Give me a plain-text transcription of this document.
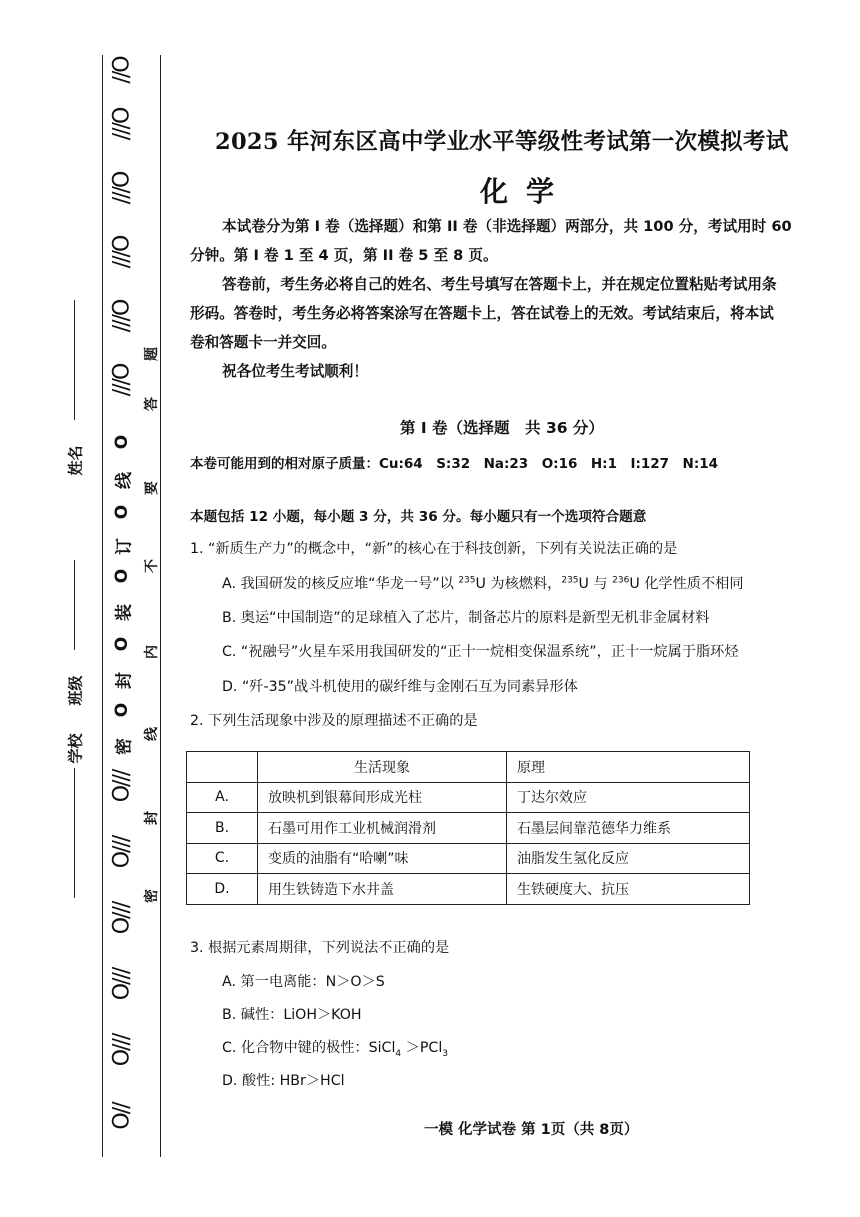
姓名
班级
学校
//O
///O
///O
///O
///O
///O
O
线
O
订
O
装
O
封
O
密
O///
O///
O///
O///
O///
O//
题
答
要
不
内
线
封
密
2025 年河东区高中学业水平等级性考试第一次模拟考试
化学

本试卷分为第 I 卷（选择题）和第 II 卷（非选择题）两部分，共 100 分，考试用时 60

分钟。第 I 卷 1 至 4 页，第 II 卷 5 至 8 页。

答卷前，考生务必将自己的姓名、考生号填写在答题卡上，并在规定位置粘贴考试用条

形码。答卷时，考生务必将答案涂写在答题卡上，答在试卷上的无效。考试结束后，将本试

卷和答题卡一并交回。

祝各位考生考试顺利！

第 I 卷（选择题　共 36 分）
本卷可能用到的相对原子质量：Cu:64　S:32　Na:23　O:16　H:1　I:127　N:14
本题包括 12 小题，每小题 3 分，共 36 分。每小题只有一个选项符合题意
1. “新质生产力”的概念中，“新”的核心在于科技创新，下列有关说法正确的是
A. 我国研发的核反应堆“华龙一号”以 $^{235}$U 为核燃料，$^{235}$U 与 $^{236}$U 化学性质不相同
B. 奥运“中国制造”的足球植入了芯片，制备芯片的原料是新型无机非金属材料
C. “祝融号”火星车采用我国研发的“正十一烷相变保温系统”，正十一烷属于脂环烃
D. “歼-35”战斗机使用的碳纤维与金刚石互为同素异形体
2. 下列生活现象中涉及的原理描述不正确的是
	生活现象	原理
A.	放映机到银幕间形成光柱	丁达尔效应
B.	石墨可用作工业机械润滑剂	石墨层间靠范德华力维系
C.	变质的油脂有“哈喇”味	油脂发生氢化反应
D.	用生铁铸造下水井盖	生铁硬度大、抗压
3. 根据元素周期律，下列说法不正确的是
A. 第一电离能：N＞O＞S
B. 碱性：LiOH＞KOH
C. 化合物中键的极性：SiCl$_4$ ＞PCl$_3$
D. 酸性: HBr＞HCl
一模 化学试卷 第 1页（共 8页）
